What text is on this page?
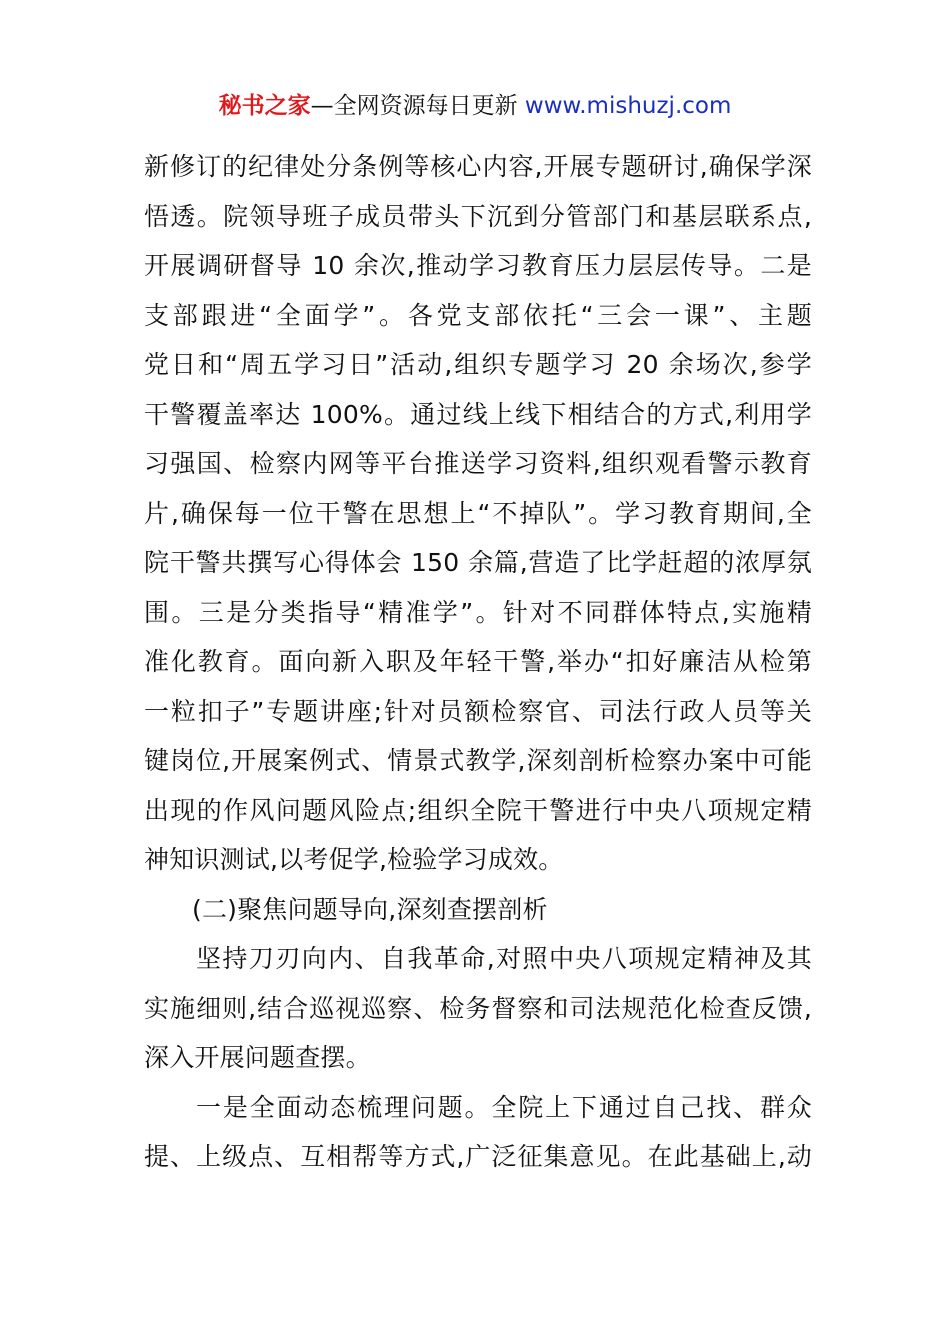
秘书之家—全网资源每日更新 www.mishuzj.com
新修订的纪律处分条例等核心内容,开展专题研讨,确保学深
悟透。院领导班子成员带头下沉到分管部门和基层联系点,
开展调研督导 10 余次,推动学习教育压力层层传导。二是
支部跟进“全面学”。各党支部依托“三会一课”、主题
党日和“周五学习日”活动,组织专题学习 20 余场次,参学
干警覆盖率达 100%。通过线上线下相结合的方式,利用学
习强国、检察内网等平台推送学习资料,组织观看警示教育
片,确保每一位干警在思想上“不掉队”。学习教育期间,全
院干警共撰写心得体会 150 余篇,营造了比学赶超的浓厚氛
围。三是分类指导“精准学”。针对不同群体特点,实施精
准化教育。面向新入职及年轻干警,举办“扣好廉洁从检第
一粒扣子”专题讲座;针对员额检察官、司法行政人员等关
键岗位,开展案例式、情景式教学,深刻剖析检察办案中可能
出现的作风问题风险点;组织全院干警进行中央八项规定精
神知识测试,以考促学,检验学习成效。
(二)聚焦问题导向,深刻查摆剖析
坚持刀刃向内、自我革命,对照中央八项规定精神及其
实施细则,结合巡视巡察、检务督察和司法规范化检查反馈,
深入开展问题查摆。
一是全面动态梳理问题。全院上下通过自己找、群众
提、上级点、互相帮等方式,广泛征集意见。在此基础上,动
